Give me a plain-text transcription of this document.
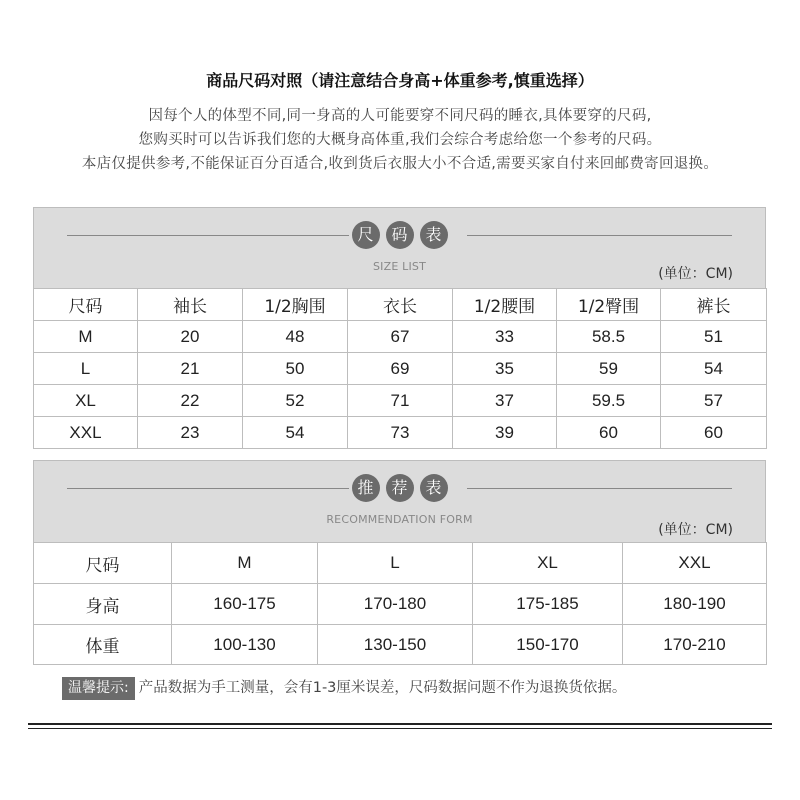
商品尺码对照（请注意结合身高+体重参考,慎重选择）
因每个人的体型不同,同一身高的人可能要穿不同尺码的睡衣,具体要穿的尺码,
您购买时可以告诉我们您的大概身高体重,我们会综合考虑给您一个参考的尺码。
本店仅提供参考,不能保证百分百适合,收到货后衣服大小不合适,需要买家自付来回邮费寄回退换。
尺 码 表
SIZE LIST	(单位：CM)
尺码	袖长	1/2胸围	衣长	1/2腰围	1/2臀围	裤长
M	20	48	67	33	58.5	51
L	21	50	69	35	59	54
XL	22	52	71	37	59.5	57
XXL	23	54	73	39	60	60
推 荐 表
RECOMMENDATION FORM
(单位：CM)
尺码	M	L	XL	XXL
身高	160-175	170-180	175-185	180-190
体重	100-130	130-150	150-170	170-210
温馨提示: 产品数据为手工测量，会有1-3厘米误差，尺码数据问题不作为退换货依据。
